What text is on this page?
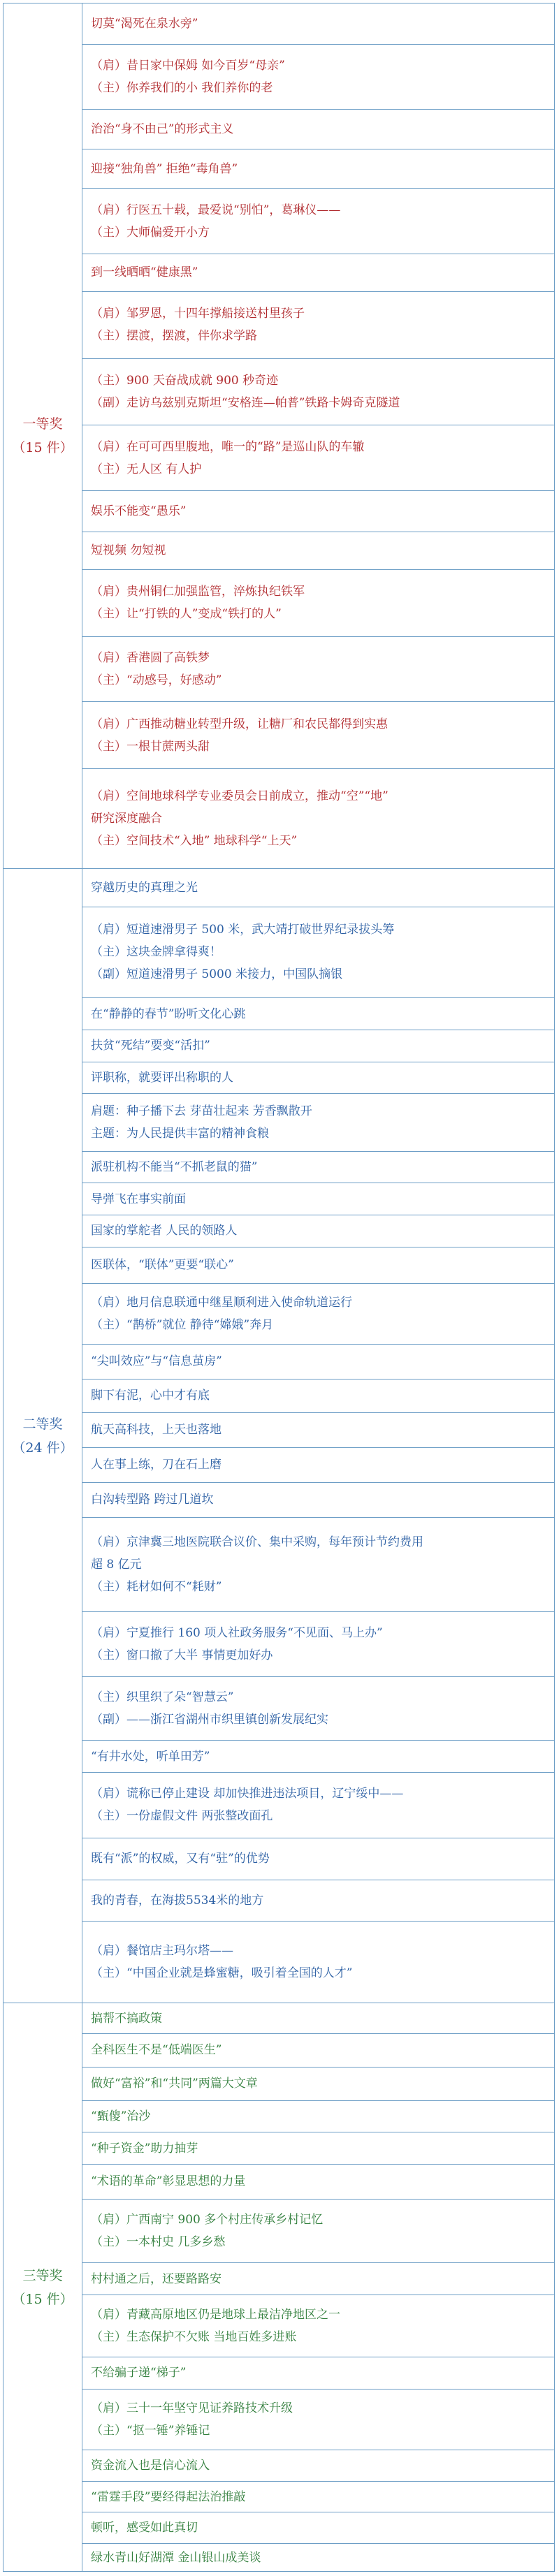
一等奖
（15 件）	切莫“渴死在泉水旁”

	（肩）昔日家中保姆 如今百岁“母亲”
（主）你养我们的小 我们养你的老

	治治“身不由己”的形式主义

	迎接“独角兽” 拒绝“毒角兽”

	（肩）行医五十载，最爱说“别怕”，葛琳仪——
（主）大师偏爱开小方

	到一线晒晒“健康黑”

	（肩）邹罗恩，十四年撑船接送村里孩子
（主）摆渡，摆渡，伴你求学路

	（主）900 天奋战成就 900 秒奇迹
（副）走访乌兹别克斯坦“安格连—帕普”铁路卡姆奇克隧道

	（肩）在可可西里腹地，唯一的“路”是巡山队的车辙
（主）无人区 有人护

	娱乐不能变“愚乐”

	短视频 勿短视

	（肩）贵州铜仁加强监管，淬炼执纪铁军
（主）让“打铁的人”变成“铁打的人”

	（肩）香港圆了高铁梦
（主）“动感号，好感动”

	（肩）广西推动糖业转型升级，让糖厂和农民都得到实惠
（主）一根甘蔗两头甜

	（肩）空间地球科学专业委员会日前成立，推动“空”“地”
研究深度融合
（主）空间技术“入地” 地球科学“上天”

二等奖
（24 件）	穿越历史的真理之光

	（肩）短道速滑男子 500 米，武大靖打破世界纪录拔头筹
（主）这块金牌拿得爽！
（副）短道速滑男子 5000 米接力，中国队摘银

	在“静静的春节”盼听文化心跳

	扶贫“死结”要变“活扣”

	评职称，就要评出称职的人

	肩题：种子播下去 芽苗壮起来 芳香飘散开
主题：为人民提供丰富的精神食粮

	派驻机构不能当“不抓老鼠的猫”

	导弹飞在事实前面

	国家的掌舵者 人民的领路人

	医联体，“联体”更要“联心”

	（肩）地月信息联通中继星顺利进入使命轨道运行
（主）“鹊桥”就位 静待“嫦娥”奔月

	“尖叫效应”与“信息茧房”

	脚下有泥，心中才有底

	航天高科技，上天也落地

	人在事上练，刀在石上磨

	白沟转型路 跨过几道坎

	（肩）京津冀三地医院联合议价、集中采购，每年预计节约费用
超 8 亿元
（主）耗材如何不“耗财”

	（肩）宁夏推行 160 项人社政务服务“不见面、马上办”
（主）窗口撤了大半 事情更加好办

	（主）织里织了朵“智慧云”
（副）——浙江省湖州市织里镇创新发展纪实

	“有井水处，听单田芳”

	（肩）谎称已停止建设 却加快推进违法项目，辽宁绥中——
（主）一份虚假文件 两张整改面孔

	既有“派”的权威，又有“驻”的优势

	我的青春，在海拔5534米的地方

	（肩）餐馆店主玛尔塔——
（主）“中国企业就是蜂蜜糖，吸引着全国的人才”

三等奖
（15 件）	搞帮不搞政策

	全科医生不是“低端医生”

	做好“富裕”和“共同”两篇大文章

	“甄傻”治沙

	“种子资金”助力抽芽

	“术语的革命”彰显思想的力量

	（肩）广西南宁 900 多个村庄传承乡村记忆
（主）一本村史 几多乡愁

	村村通之后，还要路路安

	（肩）青藏高原地区仍是地球上最洁净地区之一
（主）生态保护不欠账 当地百姓多进账

	不给骗子递“梯子”

	（肩）三十一年坚守见证养路技术升级
（主）“抠一锤”养锤记

	资金流入也是信心流入

	“雷霆手段”要经得起法治推敲

	顿听，感受如此真切

	绿水青山好湖潭 金山银山成美谈
